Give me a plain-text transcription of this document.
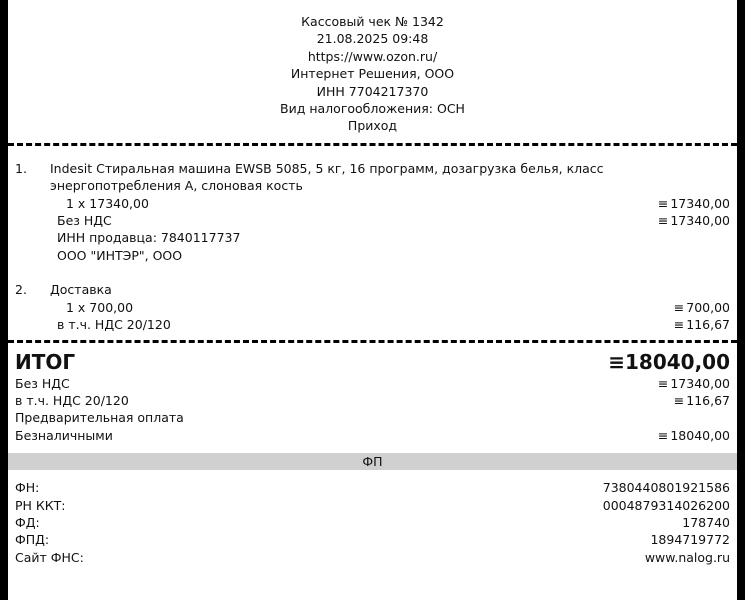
Кассовый чек № 1342
21.08.2025 09:48
https://www.ozon.ru/
Интернет Решения, ООО
ИНН 7704217370
Вид налогообложения: ОСН
Приход
1.	Indesit Стиральная машина EWSB 5085, 5 кг, 16 программ, дозагрузка белья, класс энергопотребления A, слоновая кость
1 x 17340,00	≡ 17340,00
Без НДС	≡ 17340,00
ИНН продавца: 7840117737
ООО "ИНТЭР", ООО
2.	Доставка
1 x 700,00	≡ 700,00
в т.ч. НДС 20/120	≡ 116,67
ИТОГ	≡18040,00
Без НДС	≡ 17340,00
в т.ч. НДС 20/120	≡ 116,67
Предварительная оплата
Безналичными	≡ 18040,00
ФП
ФН:	7380440801921586
РН ККТ:	0004879314026200
ФД:	178740
ФПД:	1894719772
Сайт ФНС:	www.nalog.ru
